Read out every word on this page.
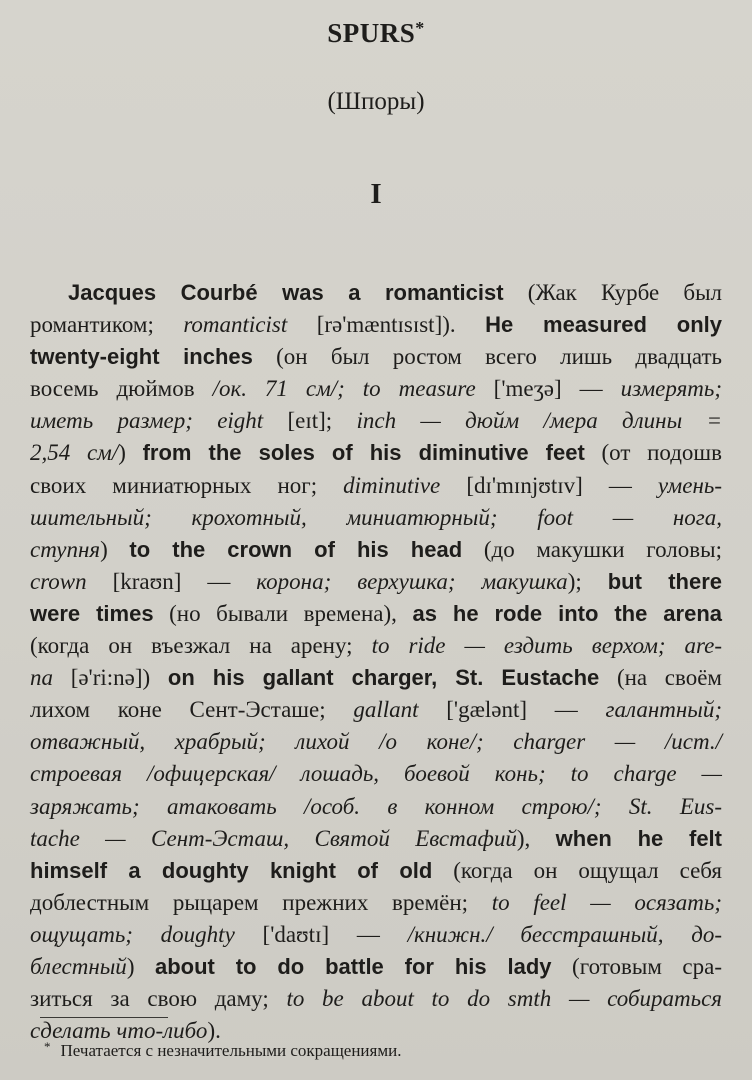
SPURS*
(Шпоры)
I
Jacques Courbé was a romanticist (Жак Курбе был
романтиком; romanticist [rə'mæntɪsɪst]). He measured only
twenty-eight inches (он был ростом всего лишь двадцать
восемь дюймов /ок. 71 см/; to measure ['meʒə] — измерять;
иметь размер; eight [eɪt]; inch — дюйм /мера длины =
2,54 см/) from the soles of his diminutive feet (от подошв
своих миниатюрных ног; diminutive [dɪ'mɪnjʊtɪv] — умень-
шительный; крохотный, миниатюрный; foot — нога,
ступня) to the crown of his head (до макушки головы;
crown [kraʊn] — корона; верхушка; макушка); but there
were times (но бывали времена), as he rode into the arena
(когда он въезжал на арену; to ride — ездить верхом; are-
na [ə'ri:nə]) on his gallant charger, St. Eustache (на своём
лихом коне Сент-Эсташе; gallant ['gælənt] — галантный;
отважный, храбрый; лихой /о коне/; charger — /ист./
строевая /офицерская/ лошадь, боевой конь; to charge —
заряжать; атаковать /особ. в конном строю/; St. Eus-
tache — Сент-Эсташ, Святой Евстафий), when he felt
himself a doughty knight of old (когда он ощущал себя
доблестным рыцарем прежних времён; to feel — осязать;
ощущать; doughty ['daʊtɪ] — /книжн./ бесстрашный, до-
блестный) about to do battle for his lady (готовым сра-
зиться за свою даму; to be about to do smth — собираться
сделать что-либо).
* Печатается с незначительными сокращениями.
